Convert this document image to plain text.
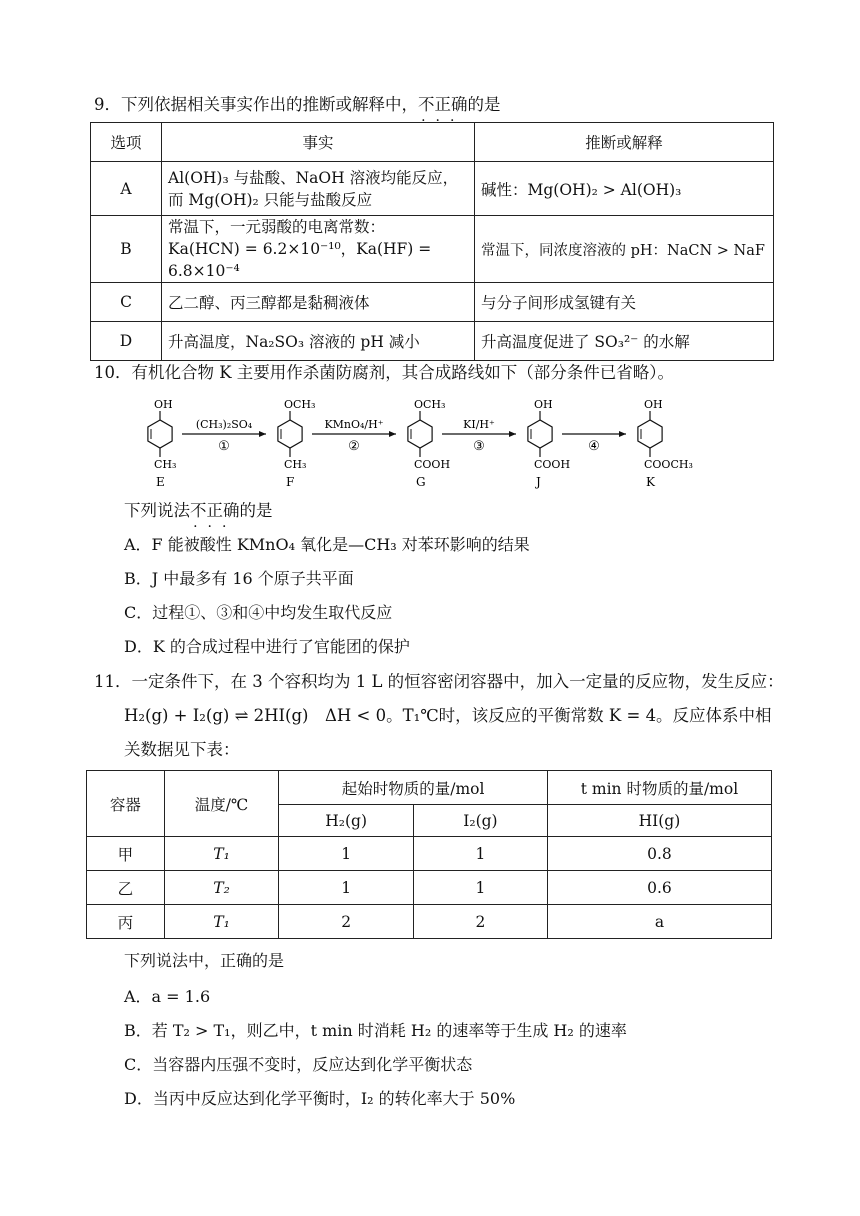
9．下列依据相关事实作出的推断或解释中，不正确 ···的是
选项	事实	推断或解释
A	Al(OH)₃ 与盐酸、NaOH 溶液均能反应，
而 Mg(OH)₂ 只能与盐酸反应	碱性：Mg(OH)₂ > Al(OH)₃
B	常温下，一元弱酸的电离常数：
Ka(HCN) = 6.2×10⁻¹⁰，Ka(HF) = 6.8×10⁻⁴	常温下，同浓度溶液的 pH：NaCN > NaF
C	乙二醇、丙三醇都是黏稠液体	与分子间形成氢键有关
D	升高温度，Na₂SO₃ 溶液的 pH 减小	升高温度促进了 SO₃²⁻ 的水解
10．有机化合物 K 主要用作杀菌防腐剂，其合成路线如下（部分条件已省略）。
OH
CH₃
E
OCH₃
CH₃
F
OCH₃
COOH
G
OH
COOH
J
OH
COOCH₃
K
(CH₃)₂SO₄
①
KMnO₄/H⁺
②
KI/H⁺
③	④
下列说法不正确 ···的是
A．F 能被酸性 KMnO₄ 氧化是—CH₃ 对苯环影响的结果
B．J 中最多有 16 个原子共平面
C．过程①、③和④中均发生取代反应
D．K 的合成过程中进行了官能团的保护
11．一定条件下，在 3 个容积均为 1 L 的恒容密闭容器中，加入一定量的反应物，发生反应：
H₂(g) + I₂(g) ⇌ 2HI(g)　ΔH < 0。T₁℃时，该反应的平衡常数 K = 4。反应体系中相
关数据见下表：
容器	温度/℃	起始时物质的量/mol		t min 时物质的量/mol
		H₂(g)	I₂(g)	HI(g)
甲	T₁	1	1	0.8
乙	T₂	1	1	0.6
丙	T₁	2	2	a
下列说法中，正确的是
A．a = 1.6
B．若 T₂ > T₁，则乙中，t min 时消耗 H₂ 的速率等于生成 H₂ 的速率
C．当容器内压强不变时，反应达到化学平衡状态
D．当丙中反应达到化学平衡时，I₂ 的转化率大于 50%
